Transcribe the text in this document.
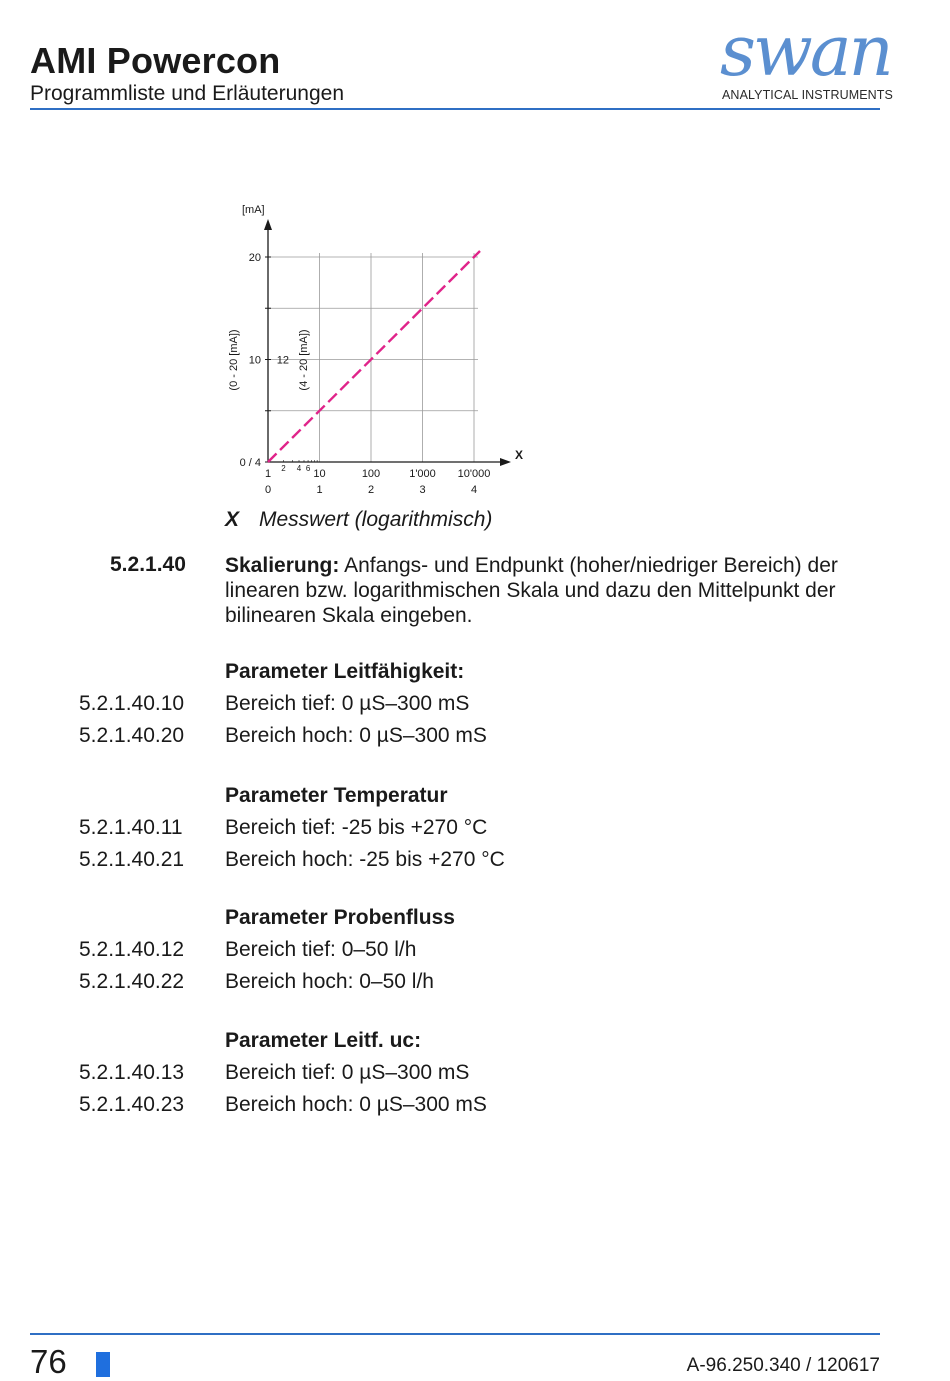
AMI Powercon
Programmliste und Erläuterungen
swan
ANALYTICAL INSTRUMENTS
0 / 4
10 12
20
1	10	100	1'000 10'000
0	1	2	3	4
2 4 6
[mA]
X
(0 - 20 [mA])	(4 - 20 [mA])
X Messwert (logarithmisch)
5.2.1.40 Skalierung: Anfangs- und Endpunkt (hoher/niedriger Bereich) der linearen bzw. logarithmischen Skala und dazu den Mittelpunkt der bilinearen Skala eingeben.
Parameter Leitfähigkeit:
5.2.1.40.10 Bereich tief: 0 µS–300 mS
5.2.1.40.20 Bereich hoch: 0 µS–300 mS
Parameter Temperatur
5.2.1.40.11 Bereich tief: -25 bis +270 °C
5.2.1.40.21 Bereich hoch: -25 bis +270 °C
Parameter Probenfluss
5.2.1.40.12 Bereich tief: 0–50 l/h
5.2.1.40.22 Bereich hoch: 0–50 l/h
Parameter Leitf. uc:
5.2.1.40.13 Bereich tief: 0 µS–300 mS
5.2.1.40.23 Bereich hoch: 0 µS–300 mS
76	A-96.250.340 / 120617
